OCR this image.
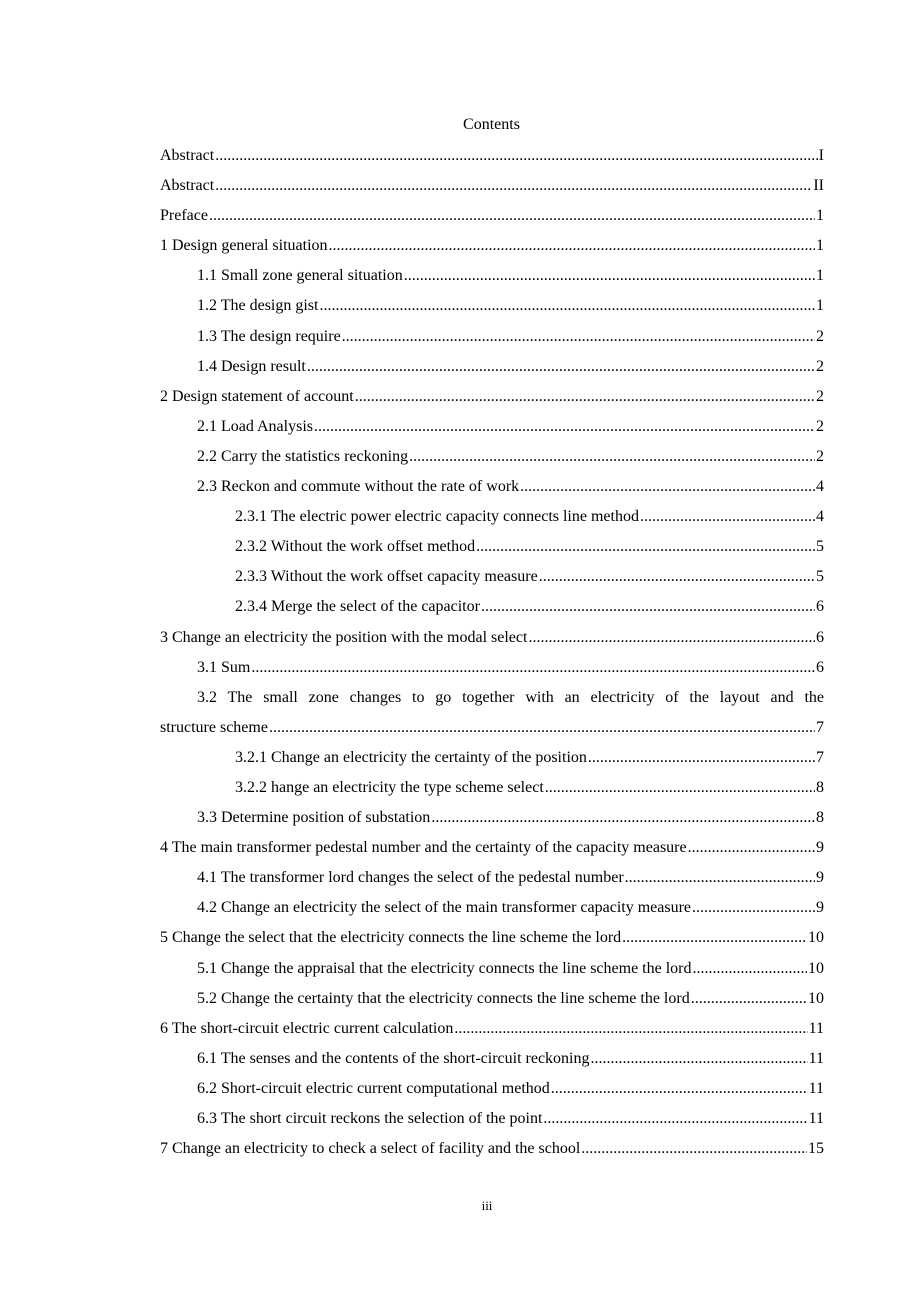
Contents
Abstract .....	I
Abstract .....	II
Preface .....	1
1 Design general situation .....	1
1.1 Small zone general situation .....	1
1.2 The design gist .....	1
1.3 The design require .....	2
1.4 Design result .....	2
2 Design statement of account .....	2
2.1 Load Analysis .....	2
2.2 Carry the statistics reckoning .....	2
2.3 Reckon and commute without the rate of work .....	4
2.3.1 The electric power electric capacity connects line method .....	4
2.3.2 Without the work offset method .....	5
2.3.3 Without the work offset capacity measure .....	5
2.3.4 Merge the select of the capacitor .....	6
3 Change an electricity the position with the modal select .....	6
3.1 Sum .....	6
3.2 The small zone changes to go together with an electricity of the layout and the
structure scheme .....	7
3.2.1 Change an electricity the certainty of the position .....	7
3.2.2 hange an electricity the type scheme select .....	8
3.3 Determine position of substation .....	8
4 The main transformer pedestal number and the certainty of the capacity measure .....	9
4.1 The transformer lord changes the select of the pedestal number .....	9
4.2 Change an electricity the select of the main transformer capacity measure .....	9
5 Change the select that the electricity connects the line scheme the lord .....	10
5.1 Change the appraisal that the electricity connects the line scheme the lord .....	10
5.2 Change the certainty that the electricity connects the line scheme the lord .....	10
6 The short-circuit electric current calculation .....	11
6.1 The senses and the contents of the short-circuit reckoning .....	11
6.2 Short-circuit electric current computational method .....	11
6.3 The short circuit reckons the selection of the point .....	11
7 Change an electricity to check a select of facility and the school .....	15
iii
